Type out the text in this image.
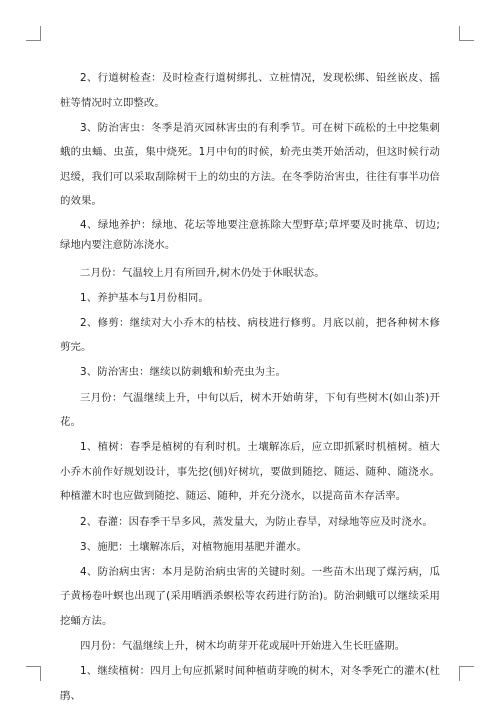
2、行道树检查：及时检查行道树绑扎、立桩情况，发现松绑、铅丝嵌皮、摇桩等情况时立即整改。

3、防治害虫：冬季是消灭园林害虫的有利季节。可在树下疏松的土中挖集刺蛾的虫蛹、虫茧，集中烧死。1月中旬的时候，蚧壳虫类开始活动，但这时候行动迟缓，我们可以采取刮除树干上的幼虫的方法。在冬季防治害虫，往往有事半功倍的效果。

4、绿地养护：绿地、花坛等地要注意拣除大型野草;草坪要及时挑草、切边;绿地内要注意防冻浇水。

二月份：气温较上月有所回升,树木仍处于休眠状态。

1、养护基本与1月份相同。

2、修剪：继续对大小乔木的枯枝、病枝进行修剪。月底以前，把各种树木修剪完。

3、防治害虫：继续以防刺蛾和蚧壳虫为主。

三月份：气温继续上升，中旬以后，树木开始萌芽，下旬有些树木(如山茶)开花。

1、植树：春季是植树的有利时机。土壤解冻后，应立即抓紧时机植树。植大小乔木前作好规划设计，事先挖(刨)好树坑，要做到随挖、随运、随种、随浇水。种植灌木时也应做到随挖、随运、随种，并充分浇水，以提高苗木存活率。

2、春灌：因春季干旱多风，蒸发量大，为防止春旱，对绿地等应及时浇水。

3、施肥：土壤解冻后，对植物施用基肥并灌水。

4、防治病虫害：本月是防治病虫害的关键时刻。一些苗木出现了煤污病，瓜子黄杨卷叶螟也出现了(采用晒洒杀螟松等农药进行防治)。防治刺蛾可以继续采用挖蛹方法。

四月份：气温继续上升，树木均萌芽开花或展叶开始进入生长旺盛期。

1、继续植树：四月上旬应抓紧时间种植萌芽晚的树木，对冬季死亡的灌木(杜鹃、
